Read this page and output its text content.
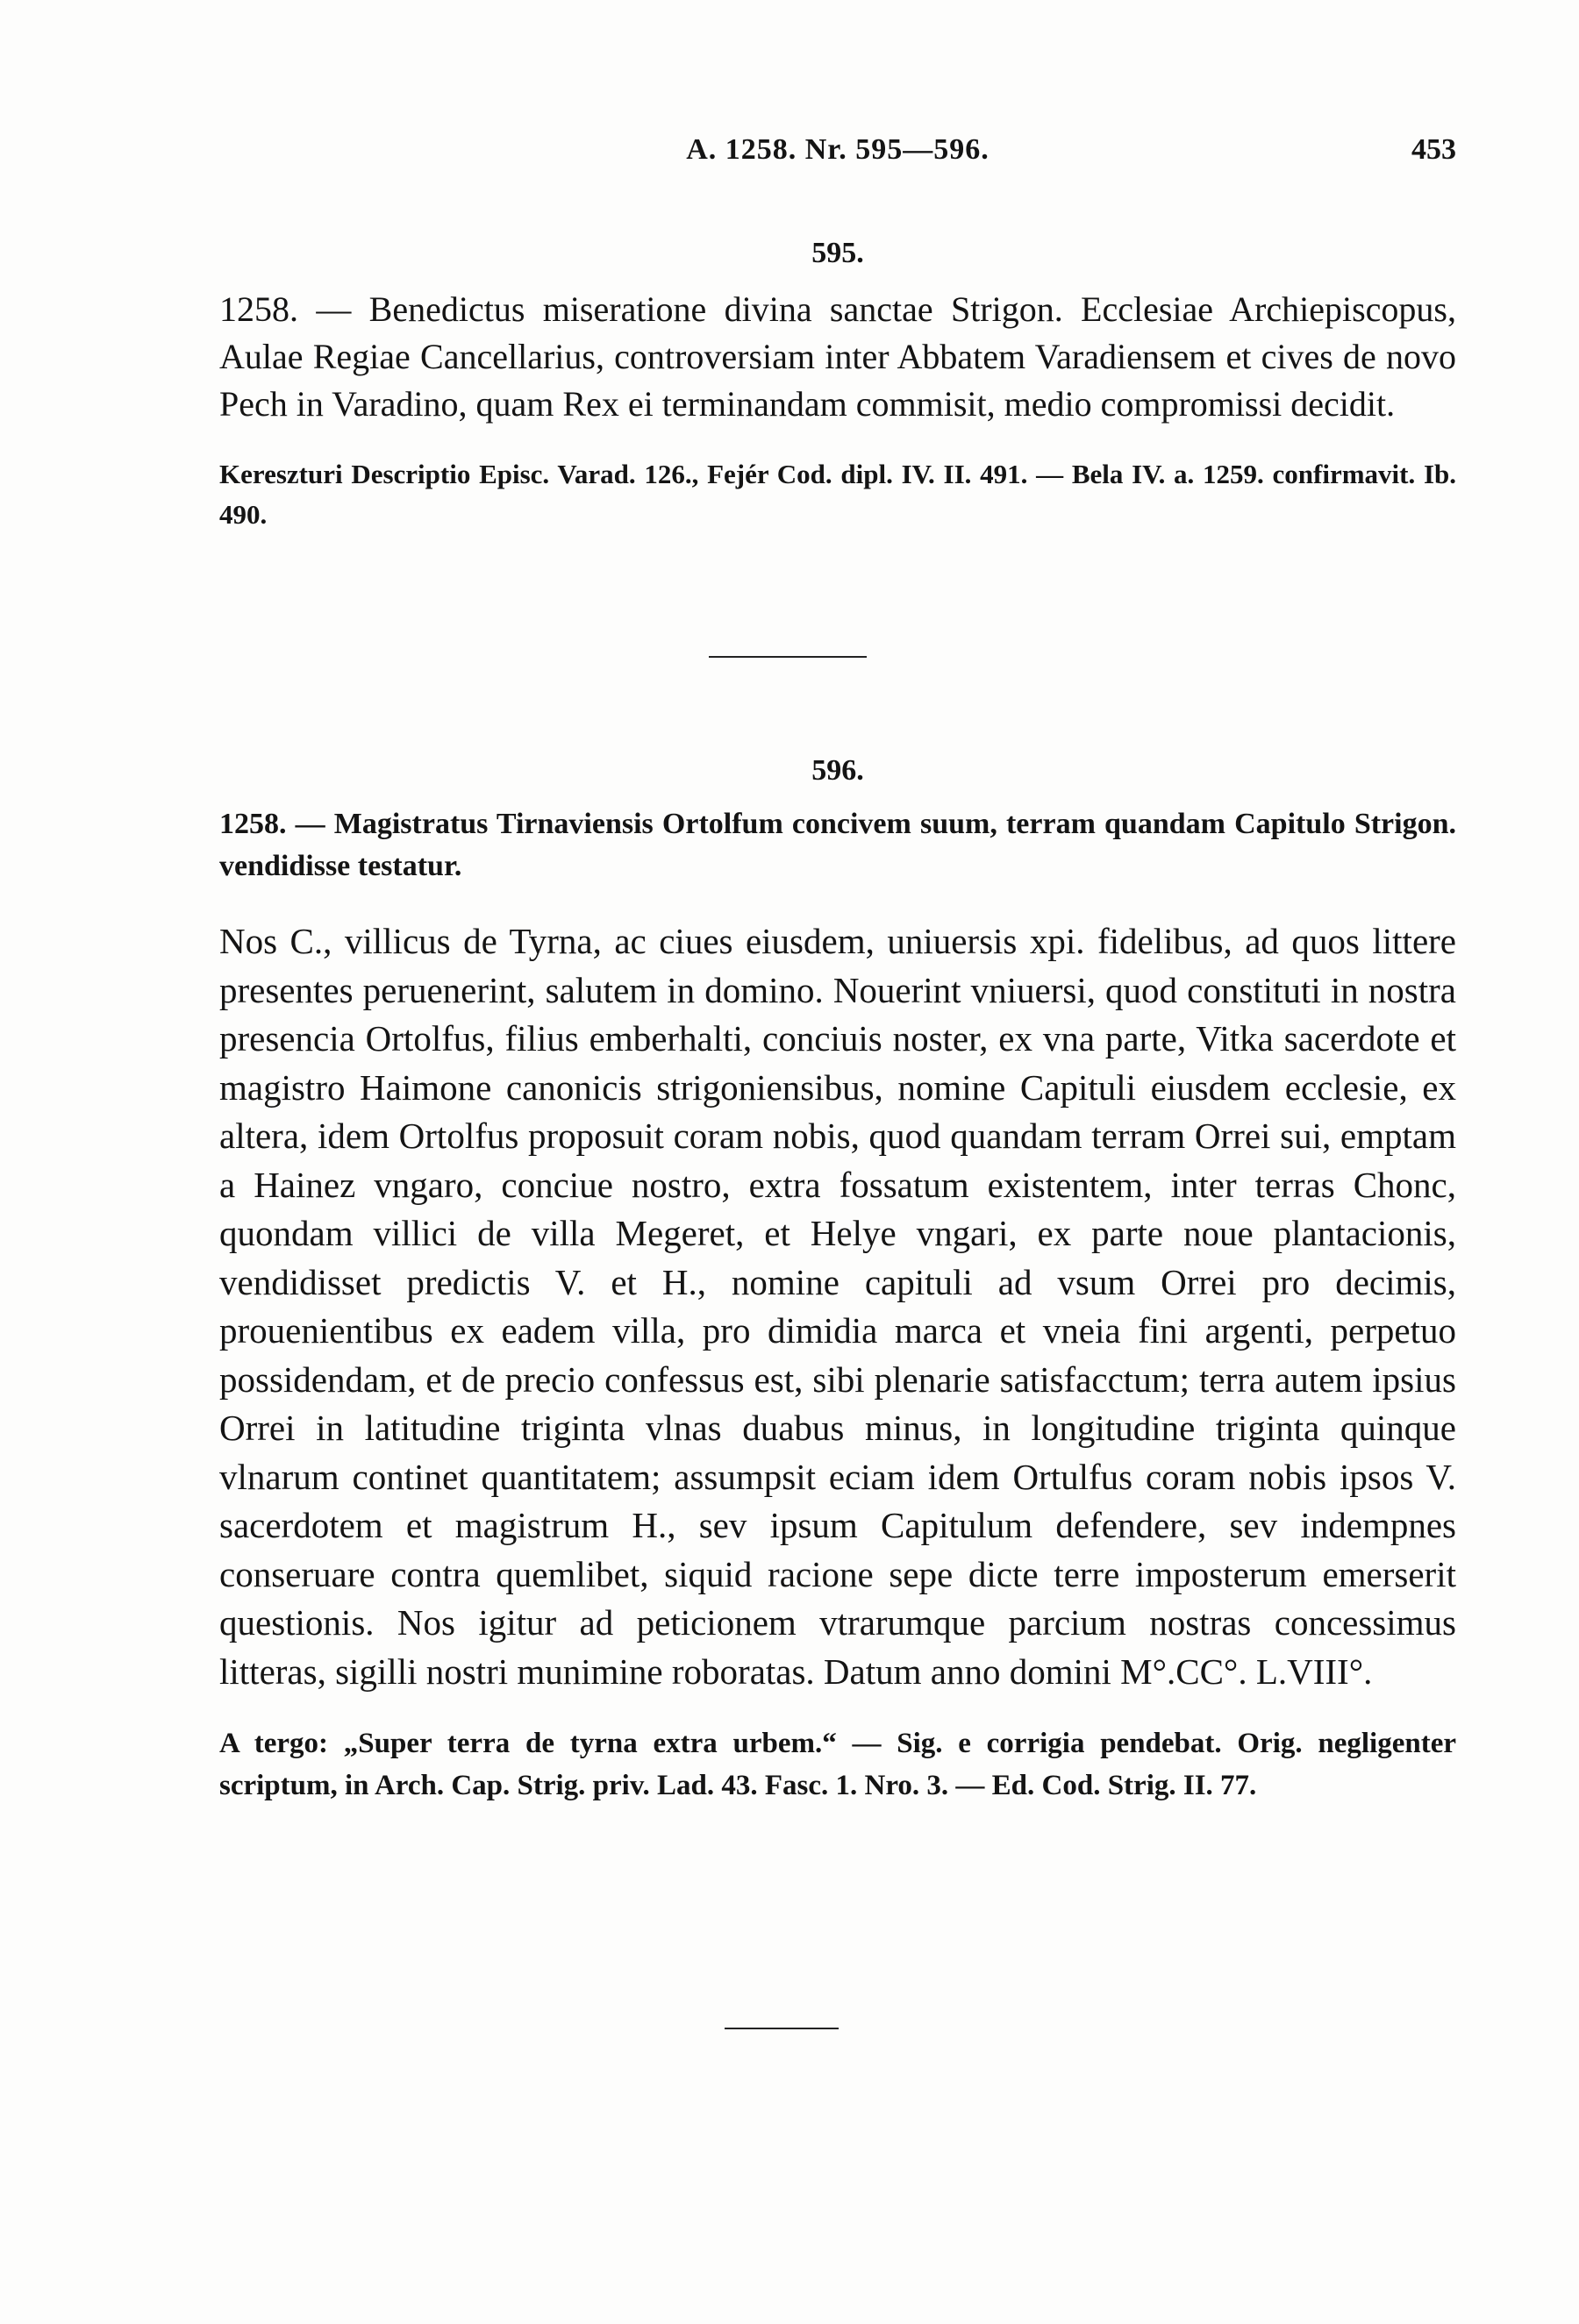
A. 1258. Nr. 595—596.	453
595.

1258. — Benedictus miseratione divina sanctae Strigon. Ecclesiae Archiepiscopus, Aulae Regiae Cancellarius, controversiam inter Abbatem Varadiensem et cives de novo Pech in Varadino, quam Rex ei terminandam commisit, medio compromissi decidit.

Kereszturi Descriptio Episc. Varad. 126., Fejér Cod. dipl. IV. II. 491. — Bela IV. a. 1259. confirmavit. Ib. 490.

596.

1258. — Magistratus Tirnaviensis Ortolfum concivem suum, terram quandam Capitulo Strigon. vendidisse testatur.

Nos C., villicus de Tyrna, ac ciues eiusdem, uniuersis xpi. fidelibus, ad quos littere presentes peruenerint, salutem in domino. Nouerint vniuersi, quod constituti in nostra presencia Ortolfus, filius emberhalti, conciuis noster, ex vna parte, Vitka sacerdote et magistro Haimone canonicis strigoniensibus, nomine Capituli eiusdem ecclesie, ex altera, idem Ortolfus proposuit coram nobis, quod quandam terram Orrei sui, emptam a Hainez vngaro, conciue nostro, extra fossatum existentem, inter terras Chonc, quondam villici de villa Megeret, et Helye vngari, ex parte noue plantacionis, vendidisset predictis V. et H., nomine capituli ad vsum Orrei pro decimis, prouenientibus ex eadem villa, pro dimidia marca et vneia fini argenti, perpetuo possidendam, et de precio confessus est, sibi plenarie satisfacctum; terra autem ipsius Orrei in latitudine triginta vlnas duabus minus, in longitudine triginta quinque vlnarum continet quantitatem; assumpsit eciam idem Ortulfus coram nobis ipsos V. sacerdotem et magistrum H., sev ipsum Capitulum defendere, sev indempnes conseruare contra quemlibet, siquid racione sepe dicte terre imposterum emerserit questionis. Nos igitur ad peticionem vtrarumque parcium nostras concessimus litteras, sigilli nostri munimine roboratas. Datum anno domini M°.CC°. L.VIII°.

A tergo: „Super terra de tyrna extra urbem.“ — Sig. e corrigia pendebat. Orig. negligenter scriptum, in Arch. Cap. Strig. priv. Lad. 43. Fasc. 1. Nro. 3. — Ed. Cod. Strig. II. 77.
